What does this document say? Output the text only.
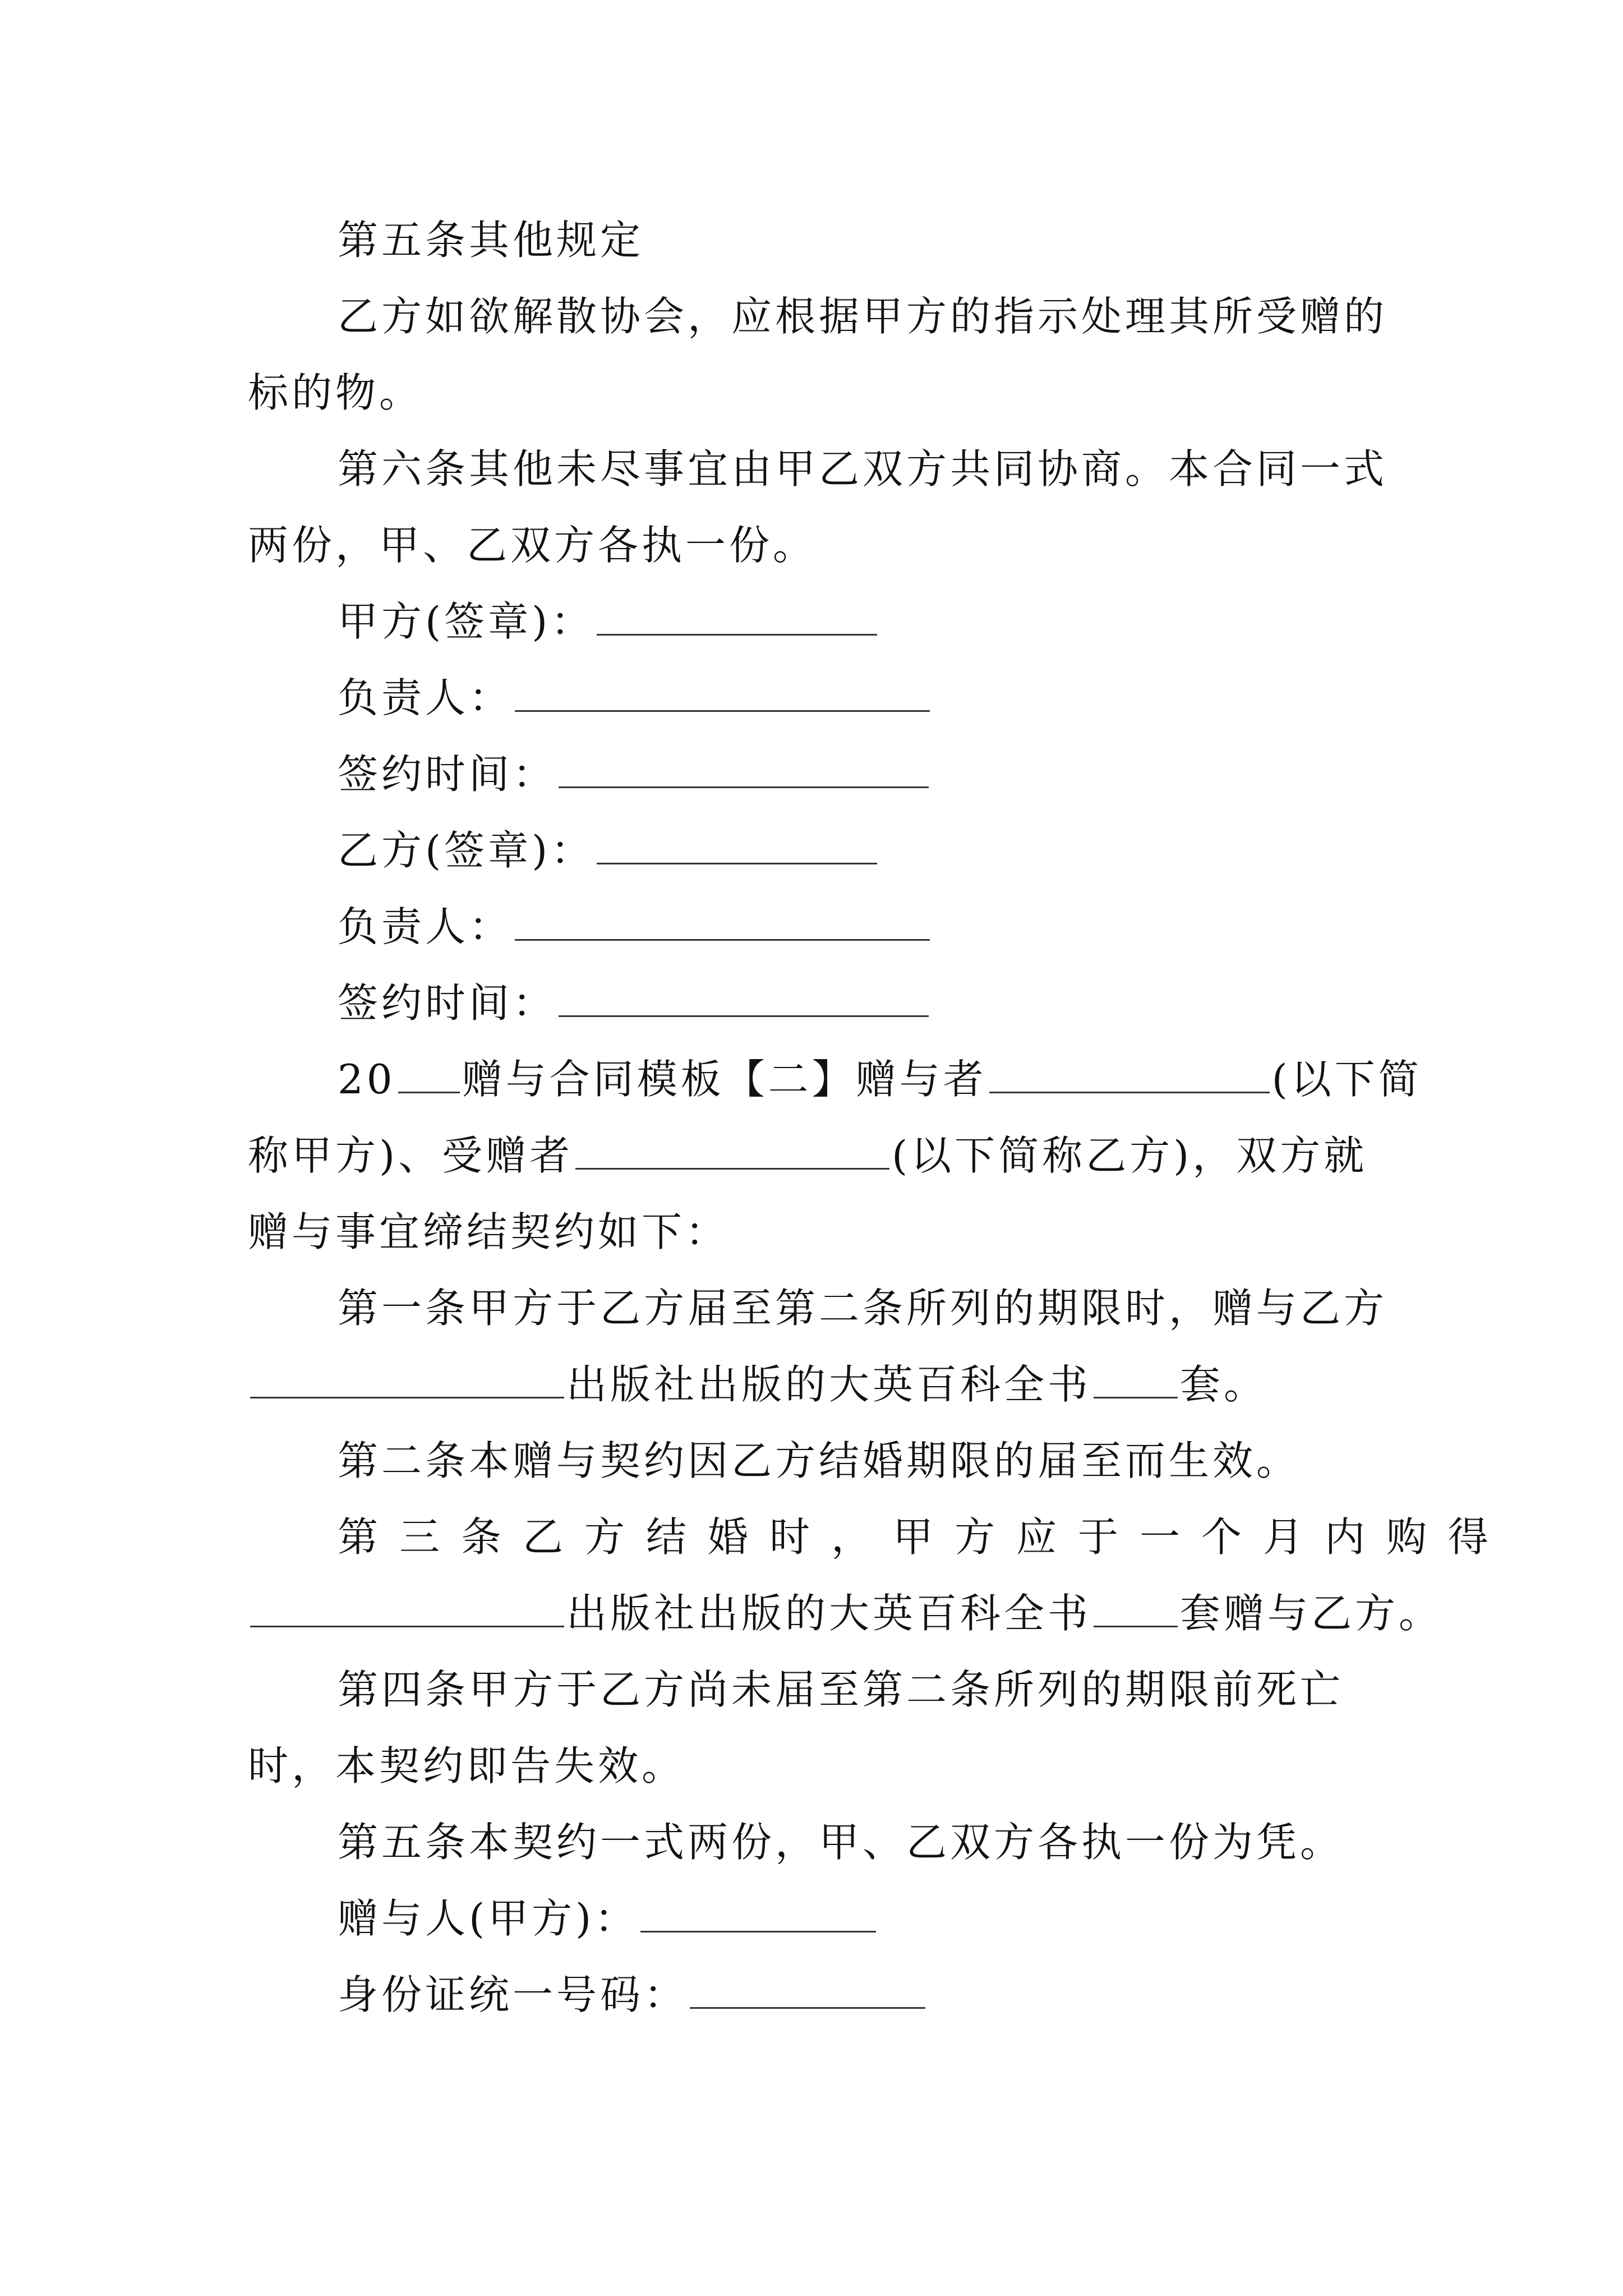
第五条其他规定
乙方如欲解散协会，应根据甲方的指示处理其所受赠的
标的物。
第六条其他未尽事宜由甲乙双方共同协商。本合同一式
两份，甲、乙双方各执一份。
甲方(签章)：
负责人：
签约时间：
乙方(签章)：
负责人：
签约时间：
20 赠与合同模板【二】赠与者	(以下简
称甲方)、受赠者	(以下简称乙方)，双方就
赠与事宜缔结契约如下：
第一条甲方于乙方届至第二条所列的期限时，赠与乙方
出版社出版的大英百科全书 套。
第二条本赠与契约因乙方结婚期限的届至而生效。
第三条乙方结婚时，甲方应于一个月内购得
出版社出版的大英百科全书 套赠与乙方。
第四条甲方于乙方尚未届至第二条所列的期限前死亡
时，本契约即告失效。
第五条本契约一式两份，甲、乙双方各执一份为凭。
赠与人(甲方)：
身份证统一号码：
